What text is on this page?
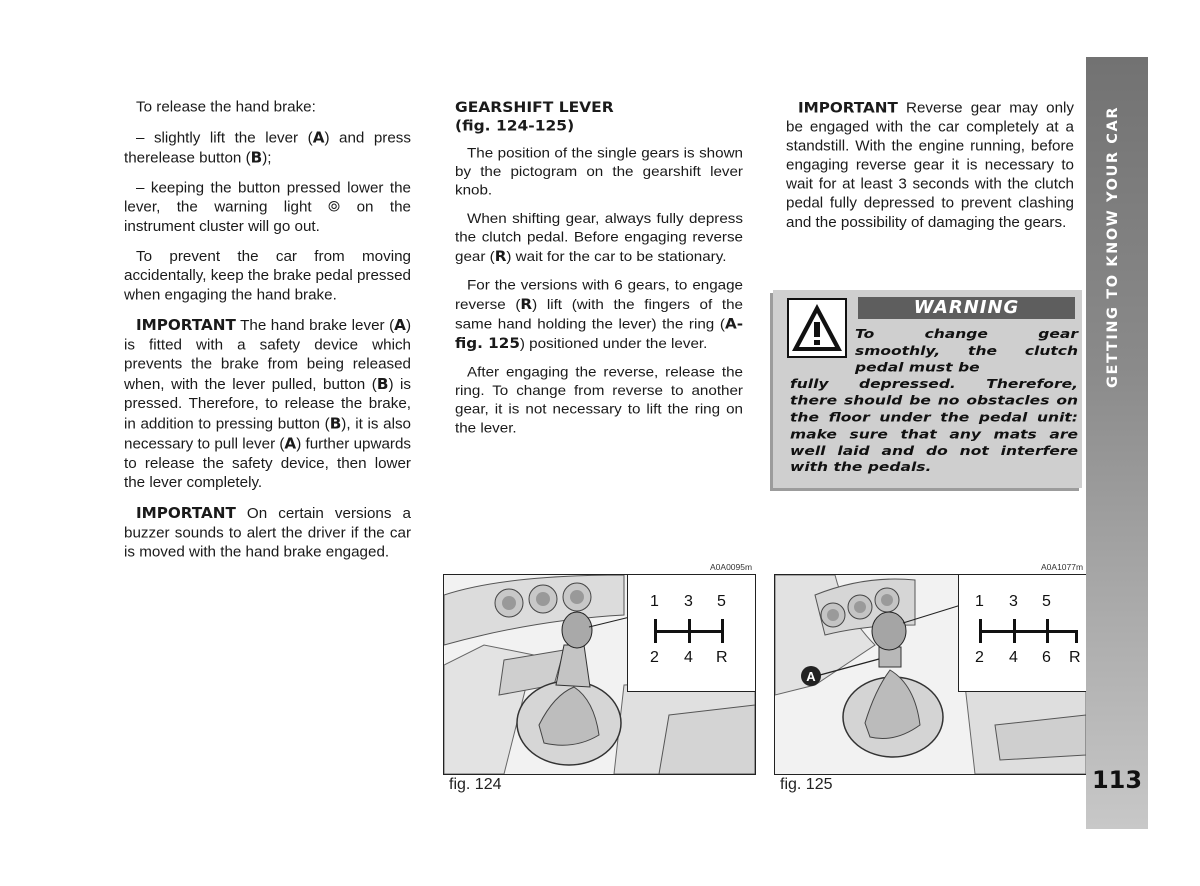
To release the hand brake:

– slightly lift the lever (A) and press therelease button (B);

– keeping the button pressed lower the lever, the warning light ⦾ on the instrument cluster will go out.

To prevent the car from moving accidentally, keep the brake pedal pressed when engaging the hand brake.

IMPORTANT The hand brake lever (A) is fitted with a safety device which prevents the brake from being released when, with the lever pulled, button (B) is pressed. Therefore, to release the brake, in addition to pressing button (B), it is also necessary to pull lever (A) further upwards to release the safety device, then lower the lever completely.

IMPORTANT On certain versions a buzzer sounds to alert the driver if the car is moved with the hand brake engaged.

GEARSHIFT LEVER
(fig. 124-125)

The position of the single gears is shown by the pictogram on the gearshift lever knob.

When shifting gear, always fully depress the clutch pedal. Before engaging reverse gear (R) wait for the car to be stationary.

For the versions with 6 gears, to engage reverse (R) lift (with the fingers of the same hand holding the lever) the ring (A-fig. 125) positioned under the lever.

After engaging the reverse, release the ring. To change from reverse to another gear, it is not necessary to lift the ring on the lever.

IMPORTANT Reverse gear may only be engaged with the car completely at a standstill. With the engine running, before engaging reverse gear it is necessary to wait for at least 3 seconds with the clutch pedal fully depressed to prevent clashing and the possibility of damaging the gears.

WARNING
To change gear smoothly, the clutch pedal must be
fully depressed. Therefore, there should be no obstacles on the floor under the pedal unit: make sure that any mats are well laid and do not interfere with the pedals.
A0A0095m
1 3 5
2 4 R
fig. 124
A0A1077m
A
1 3 5
2 4 6 R
fig. 125
GETTING TO KNOW YOUR CAR
113
